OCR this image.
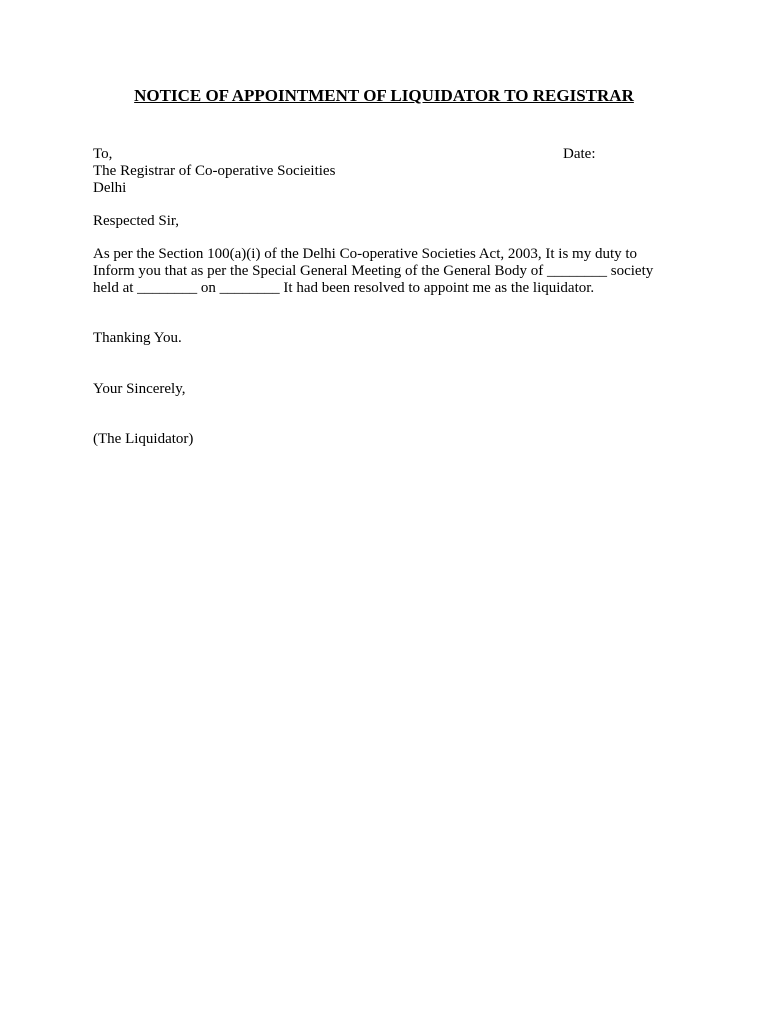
NOTICE OF APPOINTMENT OF LIQUIDATOR TO REGISTRAR
To,	Date:
The Registrar of Co-operative Socieities
Delhi
Respected Sir,
As per the Section 100(a)(i) of the Delhi Co-operative Societies Act, 2003, It is my duty to
Inform you that as per the Special General Meeting of the General Body of ________ society
held at ________ on ________ It had been resolved to appoint me as the liquidator.
Thanking You.
Your Sincerely,
(The Liquidator)
